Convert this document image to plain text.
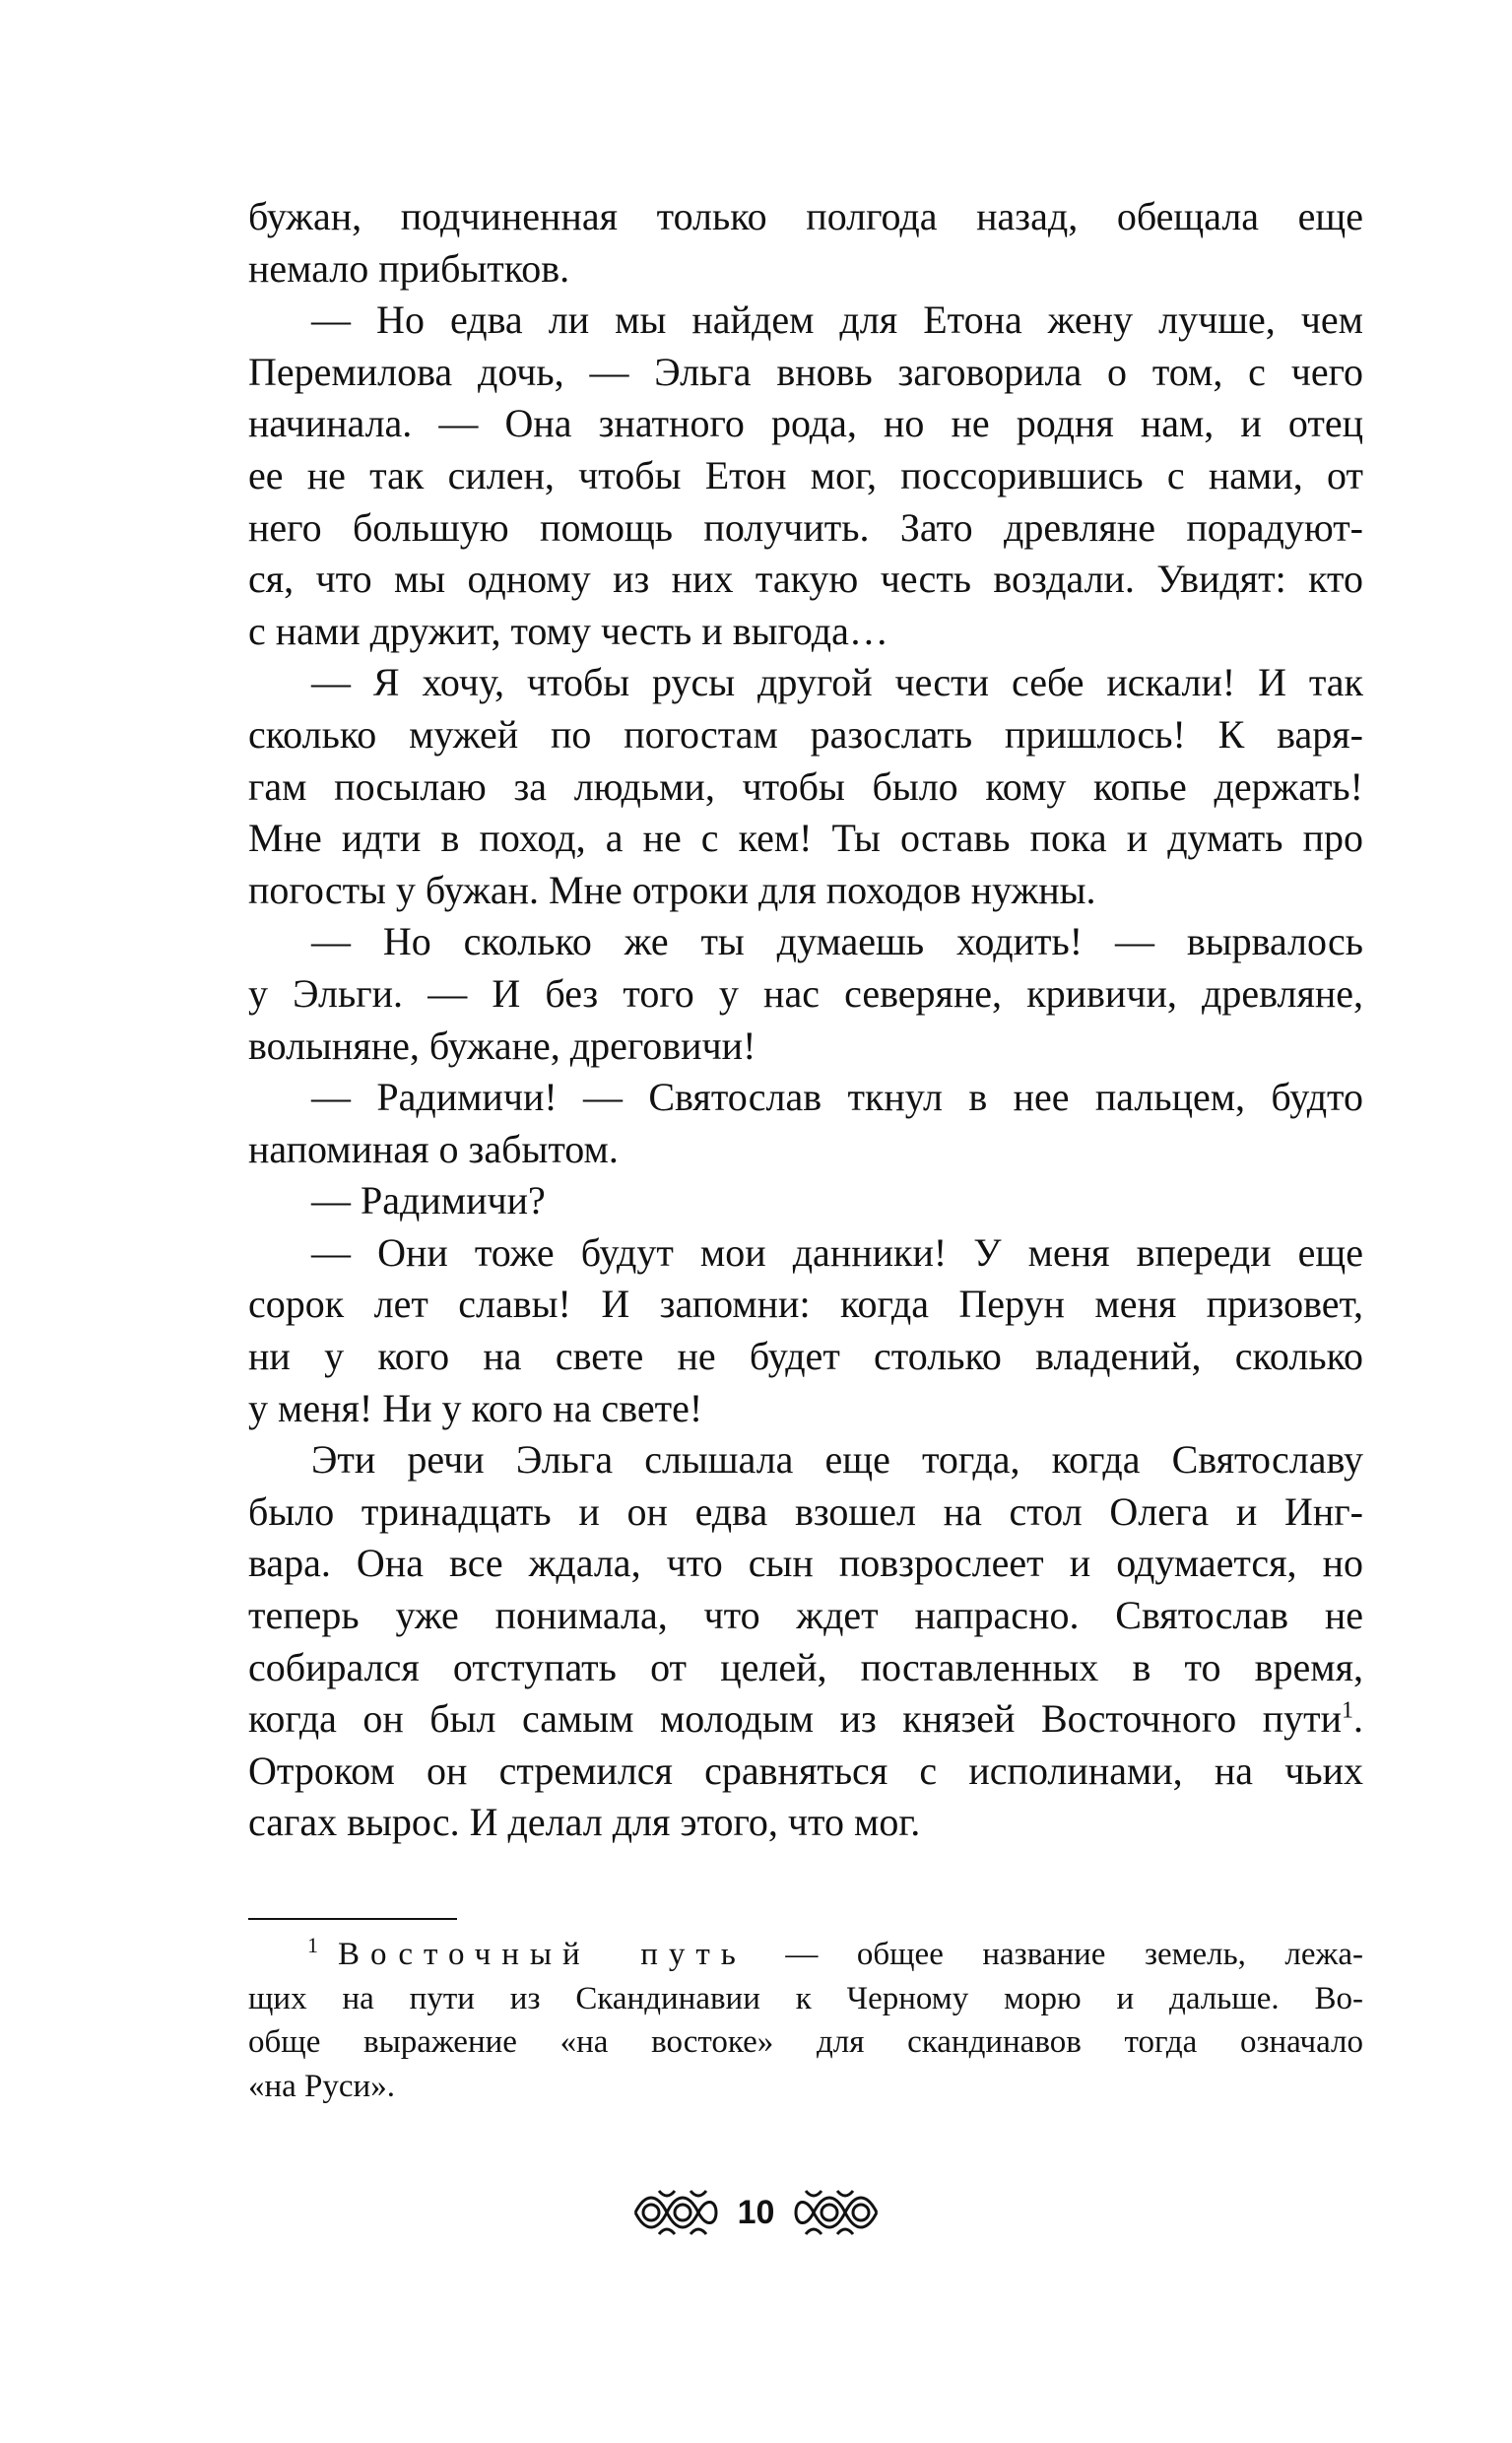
бужан, подчиненная только полгода назад, обещала еще
немало прибытков.
— Но едва ли мы найдем для Етона жену лучше, чем
Перемилова дочь, — Эльга вновь заговорила о том, с чего
начинала. — Она знатного рода, но не родня нам, и отец
ее не так силен, чтобы Етон мог, поссорившись с нами, от
него большую помощь получить. Зато древляне порадуют-
ся, что мы одному из них такую честь воздали. Увидят: кто
с нами дружит, тому честь и выгода…
— Я хочу, чтобы русы другой чести себе искали! И так
сколько мужей по погостам разослать пришлось! К варя-
гам посылаю за людьми, чтобы было кому копье держать!
Мне идти в поход, а не с кем! Ты оставь пока и думать про
погосты у бужан. Мне отроки для походов нужны.
— Но сколько же ты думаешь ходить! — вырвалось
у Эльги. — И без того у нас северяне, кривичи, древляне,
волыняне, бужане, дреговичи!
— Радимичи! — Святослав ткнул в нее пальцем, будто
напоминая о забытом.
— Радимичи?
— Они тоже будут мои данники! У меня впереди еще
сорок лет славы! И запомни: когда Перун меня призовет,
ни у кого на свете не будет столько владений, сколько
у меня! Ни у кого на свете!
Эти речи Эльга слышала еще тогда, когда Святославу
было тринадцать и он едва взошел на стол Олега и Инг-
вара. Она все ждала, что сын повзрослеет и одумается, но
теперь уже понимала, что ждет напрасно. Святослав не
собирался отступать от целей, поставленных в то время,
когда он был самым молодым из князей Восточного пути$^1$.
Отроком он стремился сравняться с исполинами, на чьих
сагах вырос. И делал для этого, что мог.
$^1$ Восточный путь — общее название земель, лежа-
щих на пути из Скандинавии к Черному морю и дальше. Во-
обще выражение «на востоке» для скандинавов тогда означало
«на Руси».
10
